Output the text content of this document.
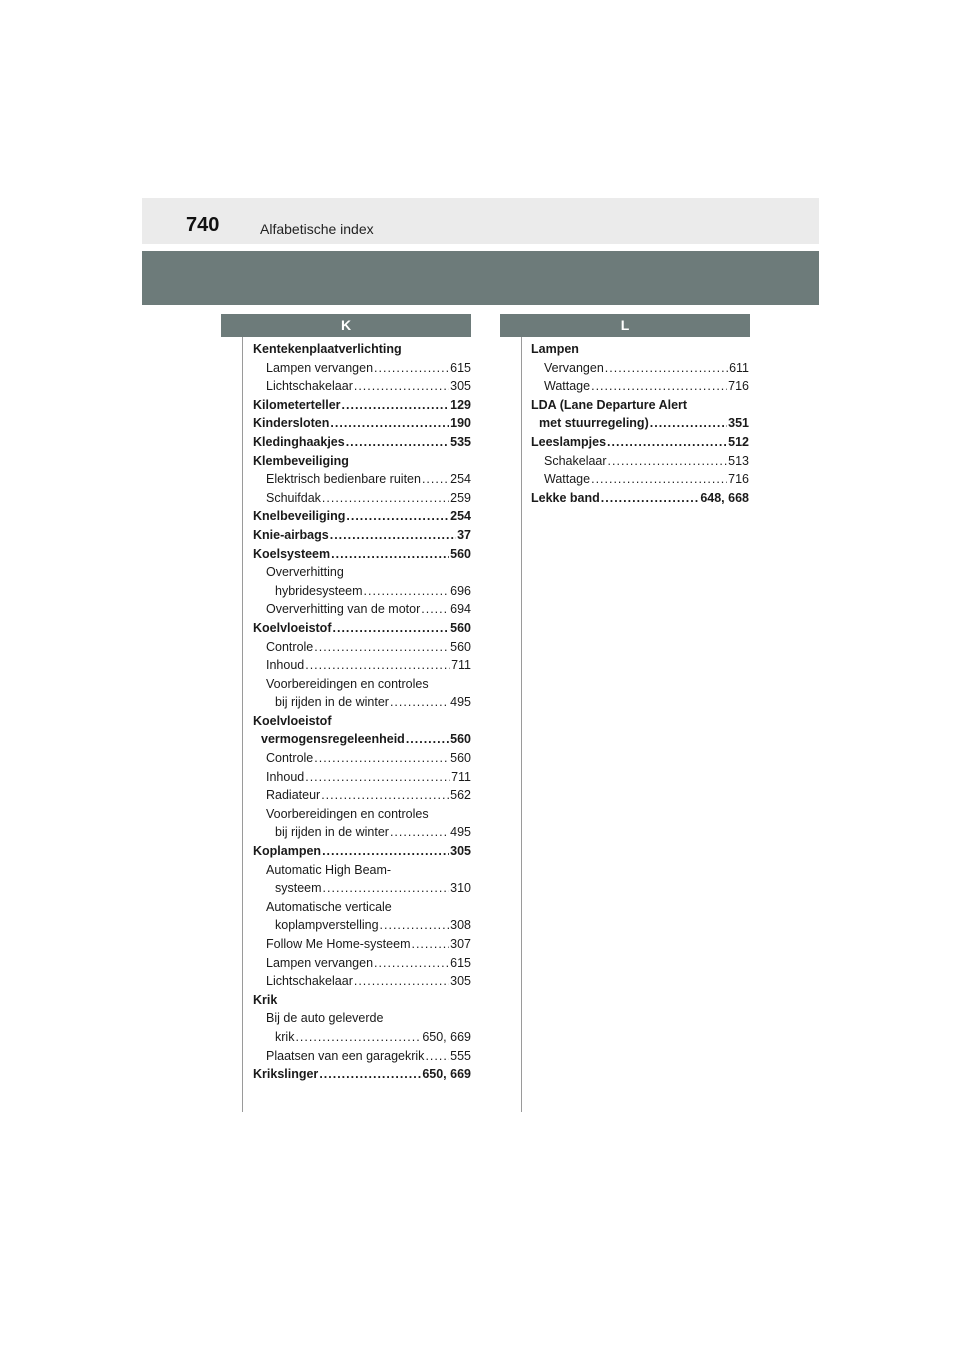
740	Alfabetische index
K	L
Kentekenplaatverlichting
Lampen vervangen .....	615
Lichtschakelaar .....	305
Kilometerteller .....	129
Kindersloten .....	190
Kledinghaakjes .....	535
Klembeveiliging
Elektrisch bedienbare ruiten ..... 254
Schuifdak .....	259
Knelbeveiliging .....	254
Knie-airbags .....	37
Koelsysteem .....	560
Oververhitting
hybridesysteem .....	696
Oververhitting van de motor ..... 694
Koelvloeistof .....	560
Controle .....	560
Inhoud .....	711
Voorbereidingen en controles
bij rijden in de winter .....	495
Koelvloeistof
vermogensregeleenheid .....	560
Controle .....	560
Inhoud .....	711
Radiateur .....	562
Voorbereidingen en controles
bij rijden in de winter .....	495
Koplampen .....	305
Automatic High Beam-
systeem .....	310
Automatische verticale
koplampverstelling .....	308
Follow Me Home-systeem .....	307
Lampen vervangen .....	615
Lichtschakelaar .....	305
Krik
Bij de auto geleverde
krik .....	650, 669
Plaatsen van een garagekrik ..... 555
Krikslinger .....	650, 669
Lampen
Vervangen .....	611
Wattage .....	716
LDA (Lane Departure Alert
met stuurregeling) .....	351
Leeslampjes .....	512
Schakelaar .....	513
Wattage .....	716
Lekke band .....	648, 668
